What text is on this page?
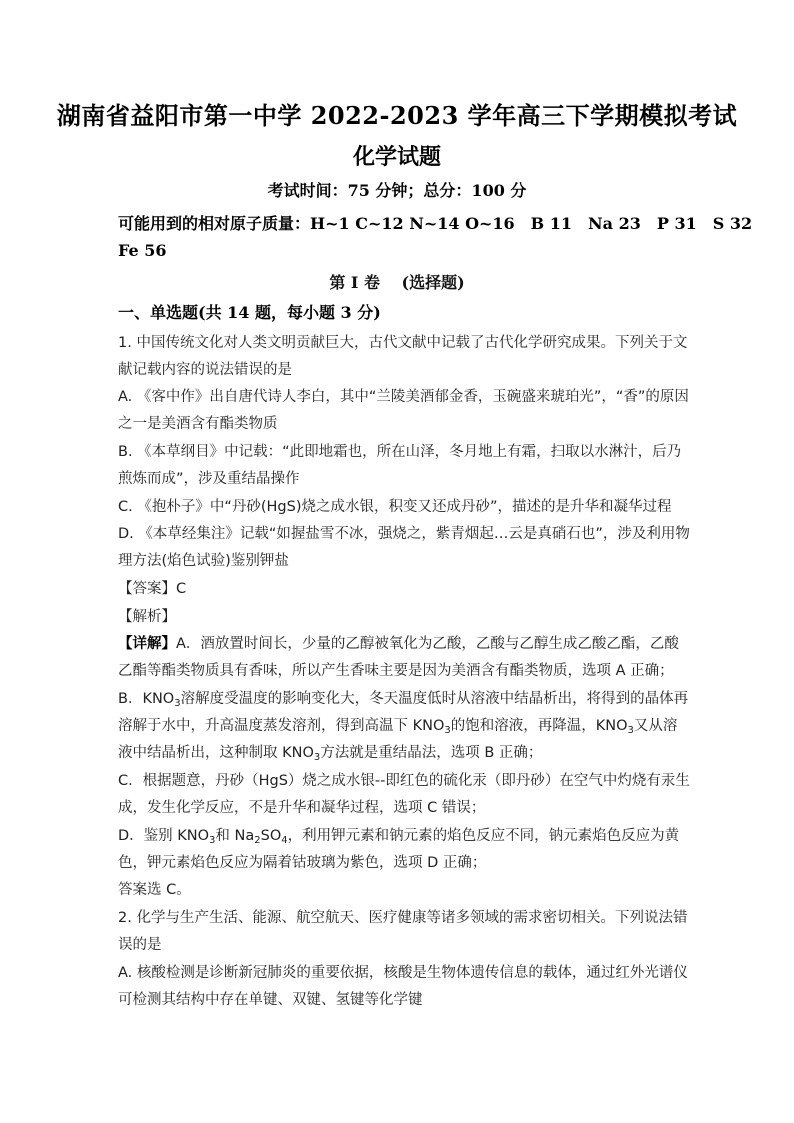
湖南省益阳市第一中学 2022-2023 学年高三下学期模拟考试
化学试题
考试时间：75 分钟；总分：100 分
可能用到的相对原子质量：H~1 C~12 N~14 O~16　B 11　Na 23　P 31　S 32
Fe 56
第 I 卷　 (选择题)
一、单选题(共 14 题，每小题 3 分)
1. 中国传统文化对人类文明贡献巨大，古代文献中记载了古代化学研究成果。下列关于文
献记载内容的说法错误的是
A. 《客中作》出自唐代诗人李白，其中“兰陵美酒郁金香，玉碗盛来琥珀光”，“香”的原因
之一是美酒含有酯类物质
B. 《本草纲目》中记载：“此即地霜也，所在山泽，冬月地上有霜，扫取以水淋汁，后乃
煎炼而成”，涉及重结晶操作
C. 《抱朴子》中“丹砂(HgS)烧之成水银，积变又还成丹砂”，描述的是升华和凝华过程
D. 《本草经集注》记载“如握盐雪不冰，强烧之，紫青烟起…云是真硝石也”，涉及利用物
理方法(焰色试验)鉴别钾盐
【答案】C
【解析】
【详解】A．酒放置时间长，少量的乙醇被氧化为乙酸，乙酸与乙醇生成乙酸乙酯，乙酸
乙酯等酯类物质具有香味，所以产生香味主要是因为美酒含有酯类物质，选项 A 正确；
B．$KNO_3$溶解度受温度的影响变化大，冬天温度低时从溶液中结晶析出，将得到的晶体再
溶解于水中，升高温度蒸发溶剂，得到高温下 $KNO_3$的饱和溶液，再降温，$KNO_3$又从溶
液中结晶析出，这种制取 $KNO_3$方法就是重结晶法，选项 B 正确；
C．根据题意，丹砂（HgS）烧之成水银--即红色的硫化汞（即丹砂）在空气中灼烧有汞生
成，发生化学反应，不是升华和凝华过程，选项 C 错误；
D．鉴别 $KNO_3$和 $Na_2SO_4$，利用钾元素和钠元素的焰色反应不同，钠元素焰色反应为黄
色，钾元素焰色反应为隔着钴玻璃为紫色，选项 D 正确；
答案选 C。
2. 化学与生产生活、能源、航空航天、医疗健康等诸多领域的需求密切相关。下列说法错
误的是
A. 核酸检测是诊断新冠肺炎的重要依据，核酸是生物体遗传信息的载体，通过红外光谱仪
可检测其结构中存在单键、双键、氢键等化学键
